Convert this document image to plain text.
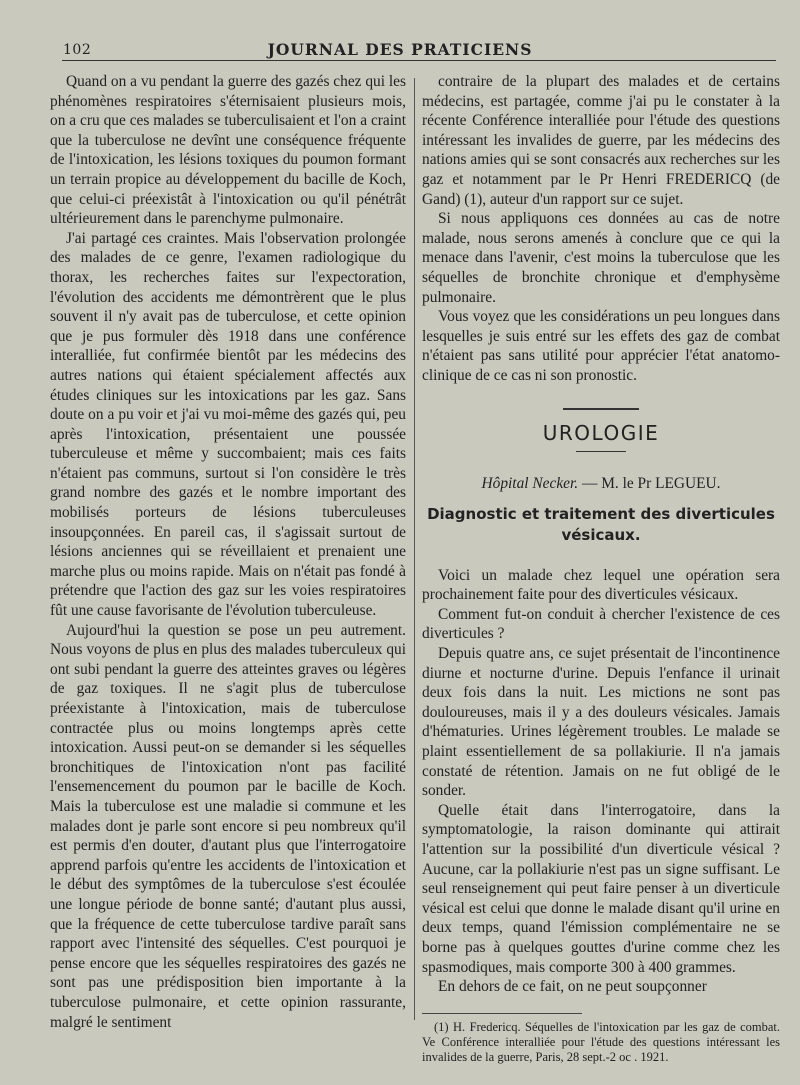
102	JOURNAL DES PRATICIENS

Quand on a vu pendant la guerre des gazés chez qui les phénomènes respiratoires s'éternisaient plusieurs mois, on a cru que ces malades se tuberculisaient et l'on a craint que la tuberculose ne devînt une conséquence fréquente de l'intoxication, les lésions toxiques du poumon formant un terrain propice au développement du bacille de Koch, que celui-ci préexistât à l'intoxication ou qu'il pénétrât ultérieurement dans le parenchyme pulmonaire.

J'ai partagé ces craintes. Mais l'observation prolongée des malades de ce genre, l'examen radiologique du thorax, les recherches faites sur l'expectoration, l'évolution des accidents me démontrèrent que le plus souvent il n'y avait pas de tuberculose, et cette opinion que je pus formuler dès 1918 dans une conférence interalliée, fut confirmée bientôt par les médecins des autres nations qui étaient spécialement affectés aux études cliniques sur les intoxications par les gaz. Sans doute on a pu voir et j'ai vu moi-même des gazés qui, peu après l'intoxication, présentaient une poussée tuberculeuse et même y succombaient; mais ces faits n'étaient pas communs, surtout si l'on considère le très grand nombre des gazés et le nombre important des mobilisés porteurs de lésions tuberculeuses insoupçonnées. En pareil cas, il s'agissait surtout de lésions anciennes qui se réveillaient et prenaient une marche plus ou moins rapide. Mais on n'était pas fondé à prétendre que l'action des gaz sur les voies respiratoires fût une cause favorisante de l'évolution tuberculeuse.

Aujourd'hui la question se pose un peu autrement. Nous voyons de plus en plus des malades tuberculeux qui ont subi pendant la guerre des atteintes graves ou légères de gaz toxiques. Il ne s'agit plus de tuberculose préexistante à l'intoxication, mais de tuberculose contractée plus ou moins longtemps après cette intoxication. Aussi peut-on se demander si les séquelles bronchitiques de l'intoxication n'ont pas facilité l'ensemencement du poumon par le bacille de Koch. Mais la tuberculose est une maladie si commune et les malades dont je parle sont encore si peu nombreux qu'il est permis d'en douter, d'autant plus que l'interrogatoire apprend parfois qu'entre les accidents de l'intoxication et le début des symptômes de la tuberculose s'est écoulée une longue période de bonne santé; d'autant plus aussi, que la fréquence de cette tuberculose tardive paraît sans rapport avec l'intensité des séquelles. C'est pourquoi je pense encore que les séquelles respiratoires des gazés ne sont pas une prédisposition bien importante à la tuberculose pulmonaire, et cette opinion rassurante, malgré le sentiment

contraire de la plupart des malades et de certains médecins, est partagée, comme j'ai pu le constater à la récente Conférence interalliée pour l'étude des questions intéressant les invalides de guerre, par les médecins des nations amies qui se sont consacrés aux recherches sur les gaz et notamment par le Pr Henri FREDERICQ (de Gand) (1), auteur d'un rapport sur ce sujet.

Si nous appliquons ces données au cas de notre malade, nous serons amenés à conclure que ce qui la menace dans l'avenir, c'est moins la tuberculose que les séquelles de bronchite chronique et d'emphysème pulmonaire.

Vous voyez que les considérations un peu longues dans lesquelles je suis entré sur les effets des gaz de combat n'étaient pas sans utilité pour apprécier l'état anatomo-clinique de ce cas ni son pronostic.

UROLOGIE
Hôpital Necker. — M. le Pr LEGUEU.
Diagnostic et traitement des diverticules vésicaux.

Voici un malade chez lequel une opération sera prochainement faite pour des diverticules vésicaux.

Comment fut-on conduit à chercher l'existence de ces diverticules ?

Depuis quatre ans, ce sujet présentait de l'incontinence diurne et nocturne d'urine. Depuis l'enfance il urinait deux fois dans la nuit. Les mictions ne sont pas douloureuses, mais il y a des douleurs vésicales. Jamais d'hématuries. Urines légèrement troubles. Le malade se plaint essentiellement de sa pollakiurie. Il n'a jamais constaté de rétention. Jamais on ne fut obligé de le sonder.

Quelle était dans l'interrogatoire, dans la symptomatologie, la raison dominante qui attirait l'attention sur la possibilité d'un diverticule vésical ? Aucune, car la pollakiurie n'est pas un signe suffisant. Le seul renseignement qui peut faire penser à un diverticule vésical est celui que donne le malade disant qu'il urine en deux temps, quand l'émission complémentaire ne se borne pas à quelques gouttes d'urine comme chez les spasmodiques, mais comporte 300 à 400 grammes.

En dehors de ce fait, on ne peut soupçonner

(1) H. Fredericq. Séquelles de l'intoxication par les gaz de combat. Ve Conférence interalliée pour l'étude des questions intéressant les invalides de la guerre, Paris, 28 sept.-2 oc . 1921.
